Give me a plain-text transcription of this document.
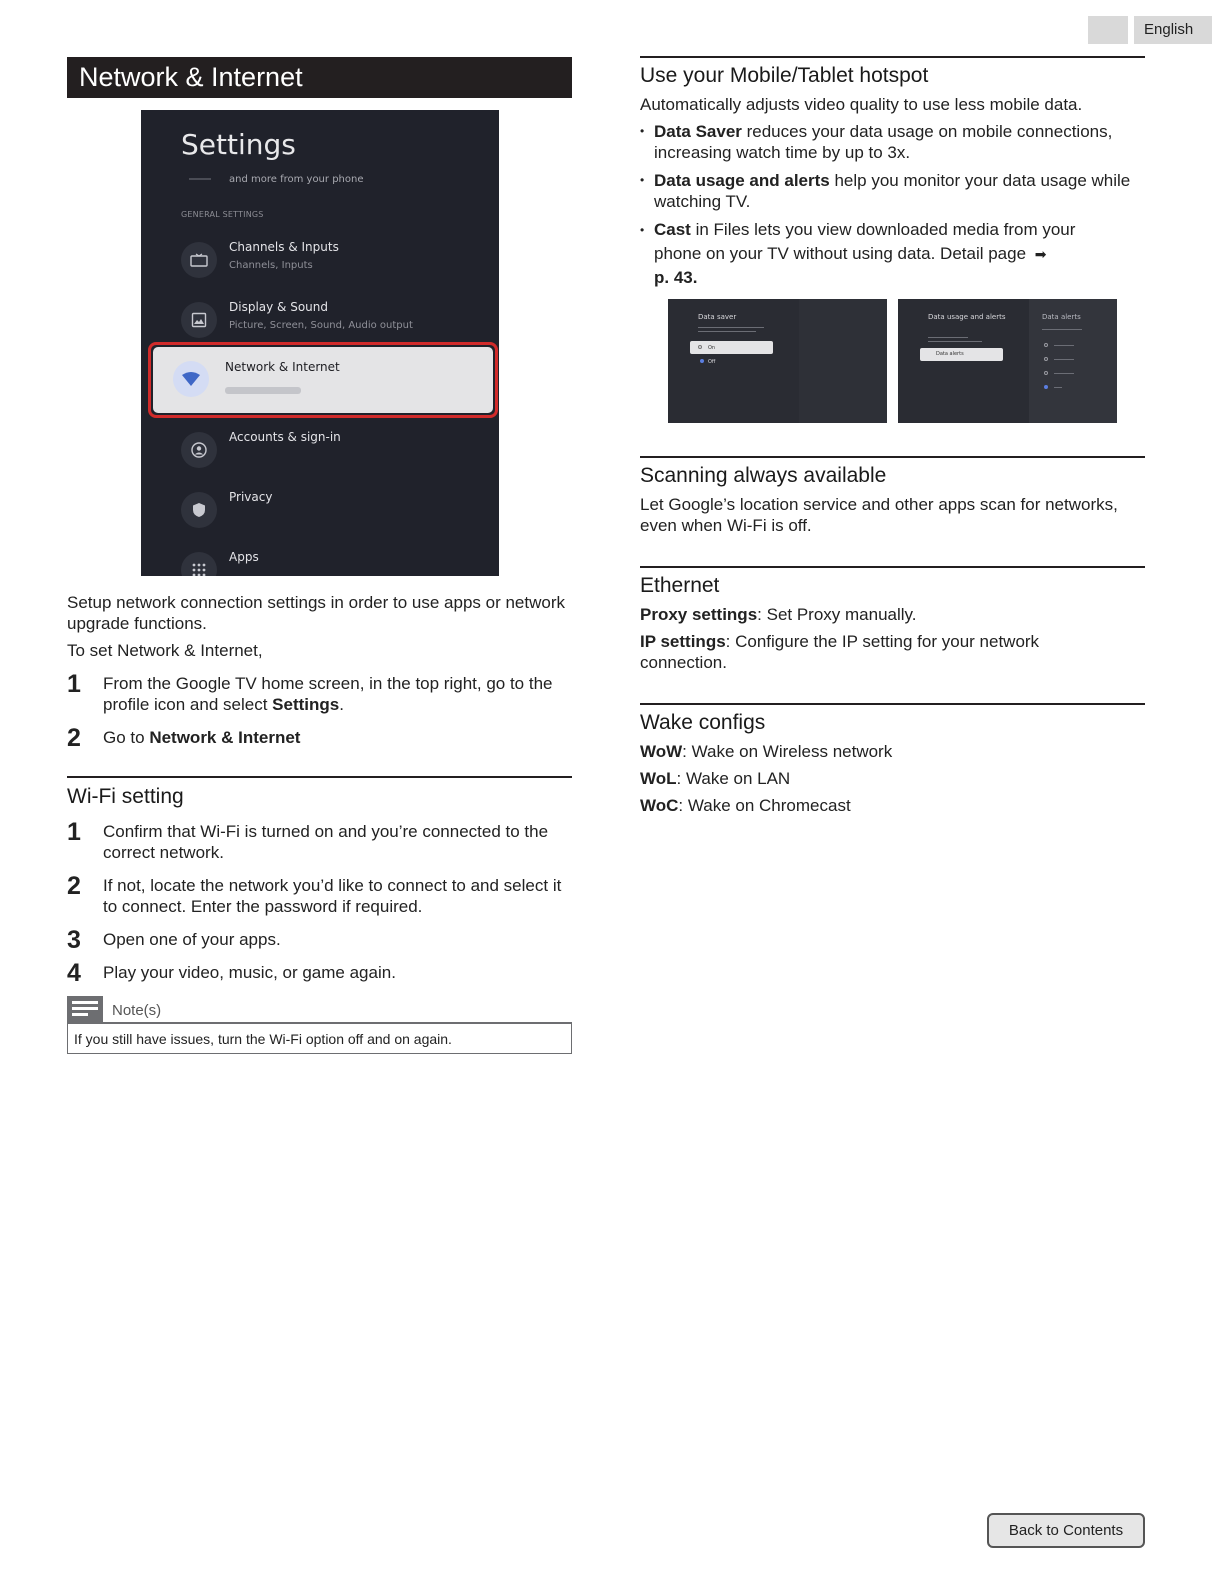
English
Network & Internet
Settings
and more from your phone
GENERAL SETTINGS
Channels & Inputs
Channels, Inputs
Display & Sound
Picture, Screen, Sound, Audio output
Network & Internet
Accounts & sign-in
Privacy
Apps
Setup network connection settings in order to use apps or network upgrade functions.
To set Network & Internet,
1 From the Google TV home screen, in the top right, go to the profile icon and select Settings.
2 Go to Network & Internet
Wi-Fi setting
1 Confirm that Wi-Fi is turned on and you’re connected to the correct network.
2 If not, locate the network you’d like to connect to and select it to connect. Enter the password if required.
3 Open one of your apps.
4 Play your video, music, or game again.
Note(s)
If you still have issues, turn the Wi-Fi option off and on again.
Use your Mobile/Tablet hotspot
Automatically adjusts video quality to use less mobile data.
• Data Saver reduces your data usage on mobile connections, increasing watch time by up to 3x.
• Data usage and alerts help you monitor your data usage while watching TV.
• Cast in Files lets you view downloaded media from your phone on your TV without using data. Detail page ➡
p. 43.
Data saver
On
Off
Data usage and alerts
Data alerts
Data alerts
Scanning always available
Let Google’s location service and other apps scan for networks, even when Wi-Fi is off.
Ethernet
Proxy settings: Set Proxy manually.
IP settings: Configure the IP setting for your network connection.
Wake configs
WoW: Wake on Wireless network
WoL: Wake on LAN
WoC: Wake on Chromecast
Back to Contents
